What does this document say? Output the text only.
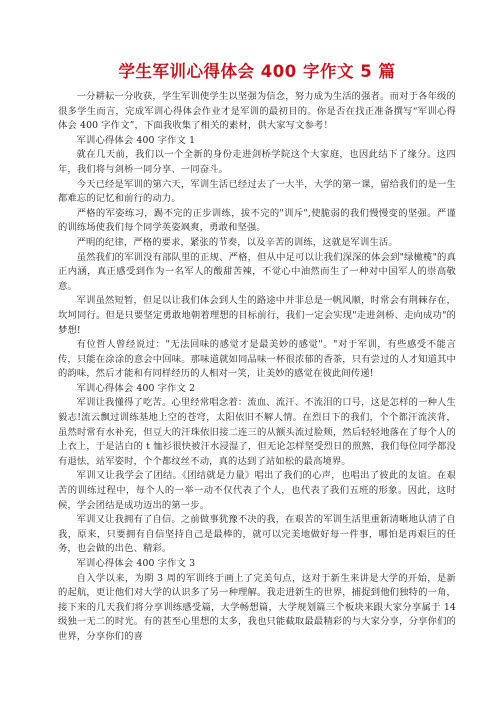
学生军训心得体会 400 字作文 5 篇

一分耕耘一分收获，学生军训使学生以坚强为信念，努力成为生活的强者。而对于各年级的很多学生而言，完成军训心得体会作业才是军训的最初目的。你是否在找正准备撰写“军训心得体会 400 字作文”，下面我收集了相关的素材，供大家写文参考！

军训心得体会 400 字作文 1

就在几天前，我们以一个全新的身份走进剑桥学院这个大家庭，也因此结下了缘分。这四年，我们将与剑桥一同分享、一同奋斗。

今天已经是军训的第六天，军训生活已经过去了一大半，大学的第一课，留给我们的是一生都难忘的记忆和前行的动力。

严格的军姿练习，踢不完的正步训练，拔不完的"训斥",使脆弱的我们慢慢变的坚强。严谨的训练场使我们每个同学英姿飒爽，勇敢和坚强。

严明的纪律，严格的要求，紧张的节奏，以及辛苦的训练，这就是军训生活。

虽然我们的军训没有部队里的正规、严格，但从中足可以让我们深深的体会到"绿橄榄"的真正内涵，真正感受到作为一名军人的酸甜苦辣，不觉心中油然而生了一种对中国军人的崇高敬意。

军训虽然短暂，但足以让我们体会到人生的路途中并非总是一帆风顺，时常会有荆棘存在，坎坷同行。但是只要坚定勇敢地朝着理想的目标前行，我们一定会实现"走进剑桥、走向成功"的梦想!

有位哲人曾经说过："无法回味的感觉才是最美妙的感觉"。"对于军训，有些感受不能言传，只能在涂涂的意会中回味。那味道就如同品味一杯很浓郁的香茶，只有尝过的人才知道其中的韵味，然后才能和有同样经历的人相对一笑，让美妙的感觉在彼此间传递!

军训心得体会 400 字作文 2

军训让我懂得了吃苦。心里经常唱念着：流血、流汗、不流泪的口号，这是怎样的一种人生毅志!流云飘过训练基地上空的苍穹，太阳依旧不解人情。在烈日下的我们，个个都汗流浃背，虽然时常有水补充，但豆大的汗珠依旧接二连三的从额头流过脸颊，然后轻轻地落在了每个人的上衣上，于是洁白的 t 恤衫很快被汗水浸湿了，但无论怎样坚受烈日的煎熬，我们每位同学都没有退怯，站军姿时，个个都纹丝不动，真的达到了站如松的最高境界。

军训又让我学会了团结。《团结就是力量》唱出了我们的心声，也唱出了彼此的友谊。在艰苦的训练过程中，每个人的一举一动不仅代表了个人，也代表了我们五班的形象。因此，这时候，学会团结是成功迈出的第一步。

军训又让我拥有了自信。之前做事犹豫不决的我，在艰苦的军训生活里重新清晰地认清了自我，原来，只要拥有自信坚持自己是最棒的，就可以完美地做好每一件事，哪怕是再艰巨的任务，也会做的出色、精彩。

军训心得体会 400 字作文 3

自入学以来，为期 3 周的军训终于画上了完美句点，这对于新生来讲是大学的开始，是新的起航，更让他们对大学的认识多了另一种理解。我走进新生的世界，捕捉到他们独特的一角，接下来的几天我们将分享训练感受篇，大学畅想篇，大学规划篇三个板块来跟大家分享属于 14 级独一无二的时光。有的甚至心里想的太多，我也只能截取最最精彩的与大家分享，分享你们的世界，分享你们的喜
